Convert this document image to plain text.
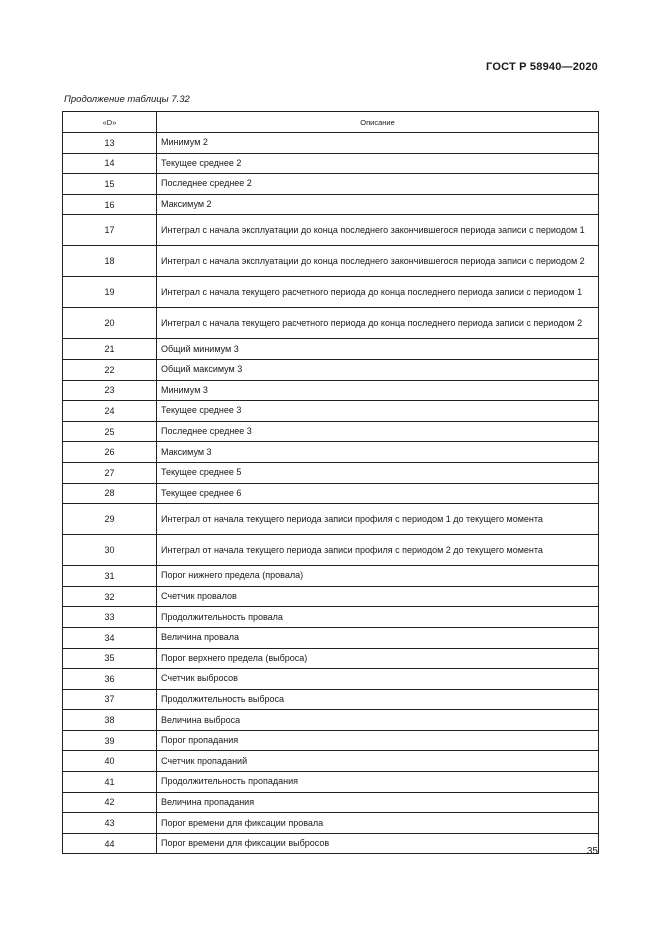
ГОСТ Р 58940—2020
Продолжение таблицы 7.32
«D»	Описание
13	Минимум 2
14	Текущее среднее 2
15	Последнее среднее 2
16	Максимум 2
17	Интеграл с начала эксплуатации до конца последнего закончившегося периода записи с периодом 1
18	Интеграл с начала эксплуатации до конца последнего закончившегося периода записи с периодом 2
19	Интеграл с начала текущего расчетного периода до конца последнего периода записи с периодом 1
20	Интеграл с начала текущего расчетного периода до конца последнего периода записи с периодом 2
21	Общий минимум 3
22	Общий максимум 3
23	Минимум 3
24	Текущее среднее 3
25	Последнее среднее 3
26	Максимум 3
27	Текущее среднее 5
28	Текущее среднее 6
29	Интеграл от начала текущего периода записи профиля с периодом 1 до текущего момента
30	Интеграл от начала текущего периода записи профиля с периодом 2 до текущего момента
31	Порог нижнего предела (провала)
32	Счетчик провалов
33	Продолжительность провала
34	Величина провала
35	Порог верхнего предела (выброса)
36	Счетчик выбросов
37	Продолжительность выброса
38	Величина выброса
39	Порог пропадания
40	Счетчик пропаданий
41	Продолжительность пропадания
42	Величина пропадания
43	Порог времени для фиксации провала
44	Порог времени для фиксации выбросов
35
